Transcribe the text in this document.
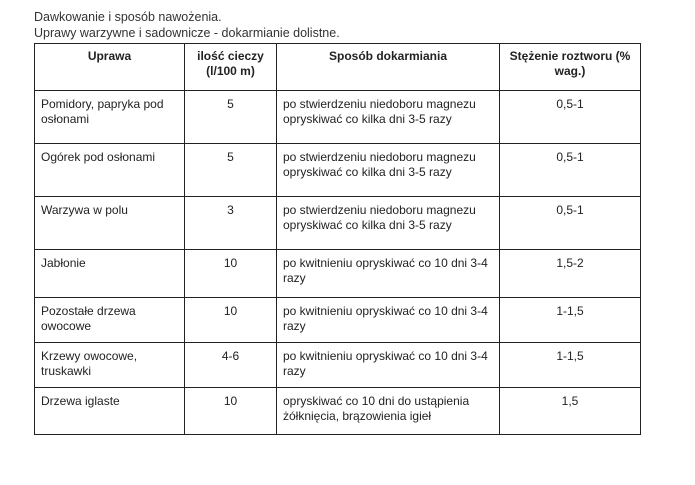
Dawkowanie i sposób nawożenia.
Uprawy warzywne i sadownicze - dokarmianie dolistne.
Uprawa	ilość cieczy (l/100 m)	Sposób dokarmiania	Stężenie roztworu (% wag.)
Pomidory, papryka pod osłonami	5	po stwierdzeniu niedoboru magnezu opryskiwać co kilka dni 3-5 razy	0,5-1
Ogórek pod osłonami	5	po stwierdzeniu niedoboru magnezu opryskiwać co kilka dni 3-5 razy	0,5-1
Warzywa w polu	3	po stwierdzeniu niedoboru magnezu opryskiwać co kilka dni 3-5 razy	0,5-1
Jabłonie	10	po kwitnieniu opryskiwać co 10 dni 3-4 razy	1,5-2
Pozostałe drzewa owocowe	10	po kwitnieniu opryskiwać co 10 dni 3-4 razy	1-1,5
Krzewy owocowe, truskawki	4-6	po kwitnieniu opryskiwać co 10 dni 3-4 razy	1-1,5
Drzewa iglaste	10	opryskiwać co 10 dni do ustąpienia żółknięcia, brązowienia igieł	1,5
